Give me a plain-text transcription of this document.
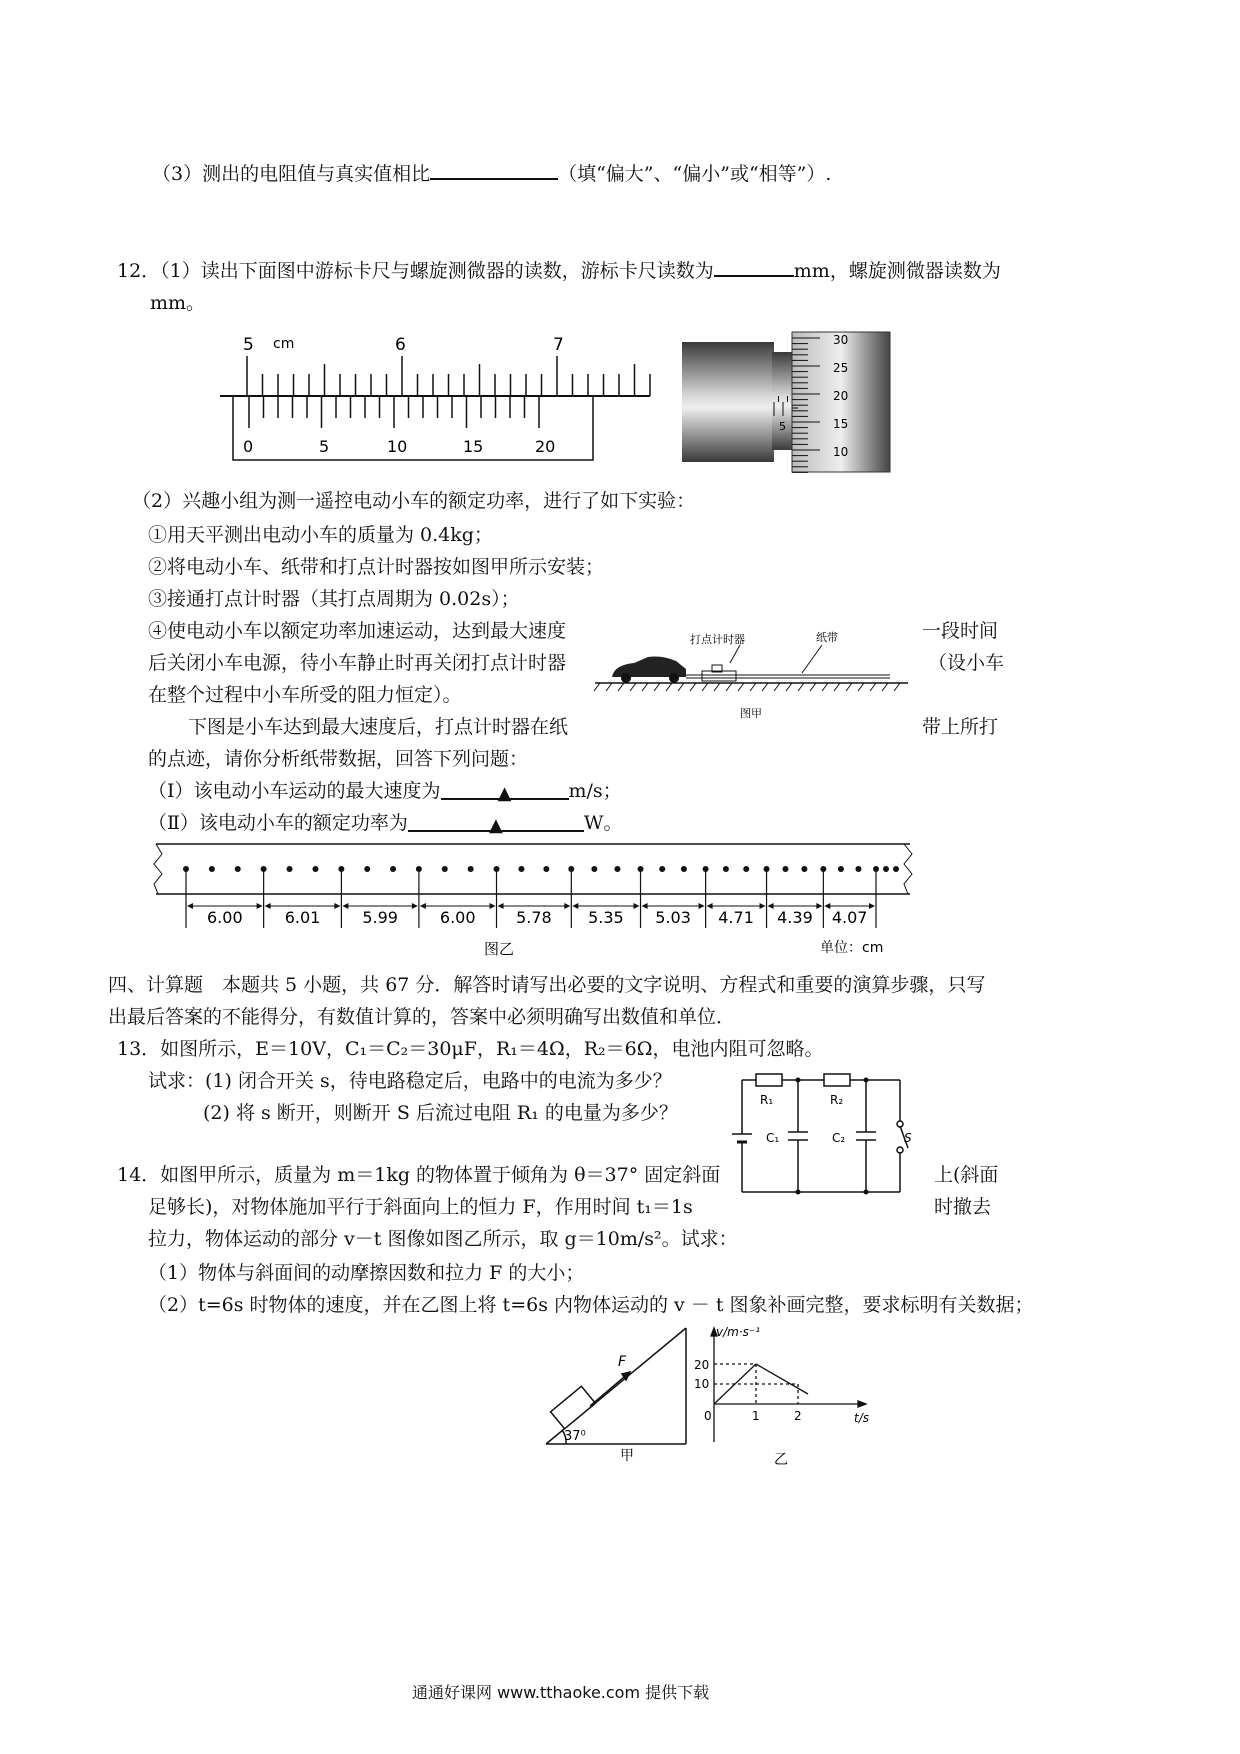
（3）测出的电阻值与真实值相比	（填“偏大”、“偏小”或“相等”）.
12．（1）读出下面图中游标卡尺与螺旋测微器的读数，游标卡尺读数为	mm，螺旋测微器读数为
mm。
5 cm	6	7
0	5	10	15	20
5
30
25
20
15
10
（2）兴趣小组为测一遥控电动小车的额定功率，进行了如下实验：
①用天平测出电动小车的质量为 0.4kg；
②将电动小车、纸带和打点计时器按如图甲所示安装；
③接通打点计时器（其打点周期为 0.02s）；
④使电动小车以额定功率加速运动，达到最大速度	一段时间
后关闭小车电源，待小车静止时再关闭打点计时器	（设小车
在整个过程中小车所受的阻力恒定）。
下图是小车达到最大速度后，打点计时器在纸	带上所打
的点迹，请你分析纸带数据，回答下列问题：
（Ⅰ）该电动小车运动的最大速度为	▲	m/s；
（Ⅱ）该电动小车的额定功率为	▲	W。
打点计时器	纸带
图甲
6.00	6.01	5.99	6.00	5.78 5.35 5.03 4.71 4.39 4.07
图乙	单位：cm
四、计算题　本题共 5 小题，共 67 分．解答时请写出必要的文字说明、方程式和重要的演算步骤，只写
出最后答案的不能得分，有数值计算的，答案中必须明确写出数值和单位．
13．如图所示，E＝10V，C₁＝C₂＝30μF，R₁＝4Ω，R₂＝6Ω，电池内阻可忽略。
试求：(1) 闭合开关 s，待电路稳定后，电路中的电流为多少？
(2) 将 s 断开，则断开 S 后流过电阻 R₁ 的电量为多少？
R₁	R₂
C₁	C₂	S
14．如图甲所示，质量为 m＝1kg 的物体置于倾角为 θ＝37° 固定斜面	上(斜面
足够长)，对物体施加平行于斜面向上的恒力 F，作用时间 t₁＝1s	时撤去
拉力，物体运动的部分 v－t 图像如图乙所示，取 g＝10m/s²。试求：
（1）物体与斜面间的动摩擦因数和拉力 F 的大小；
（2）t=6s 时物体的速度，并在乙图上将 t=6s 内物体运动的 v － t 图象补画完整，要求标明有关数据；
F
37⁰
甲
v/m·s⁻¹
t/s
20
10
0	1	2
乙
通通好课网 www.tthaoke.com 提供下载
